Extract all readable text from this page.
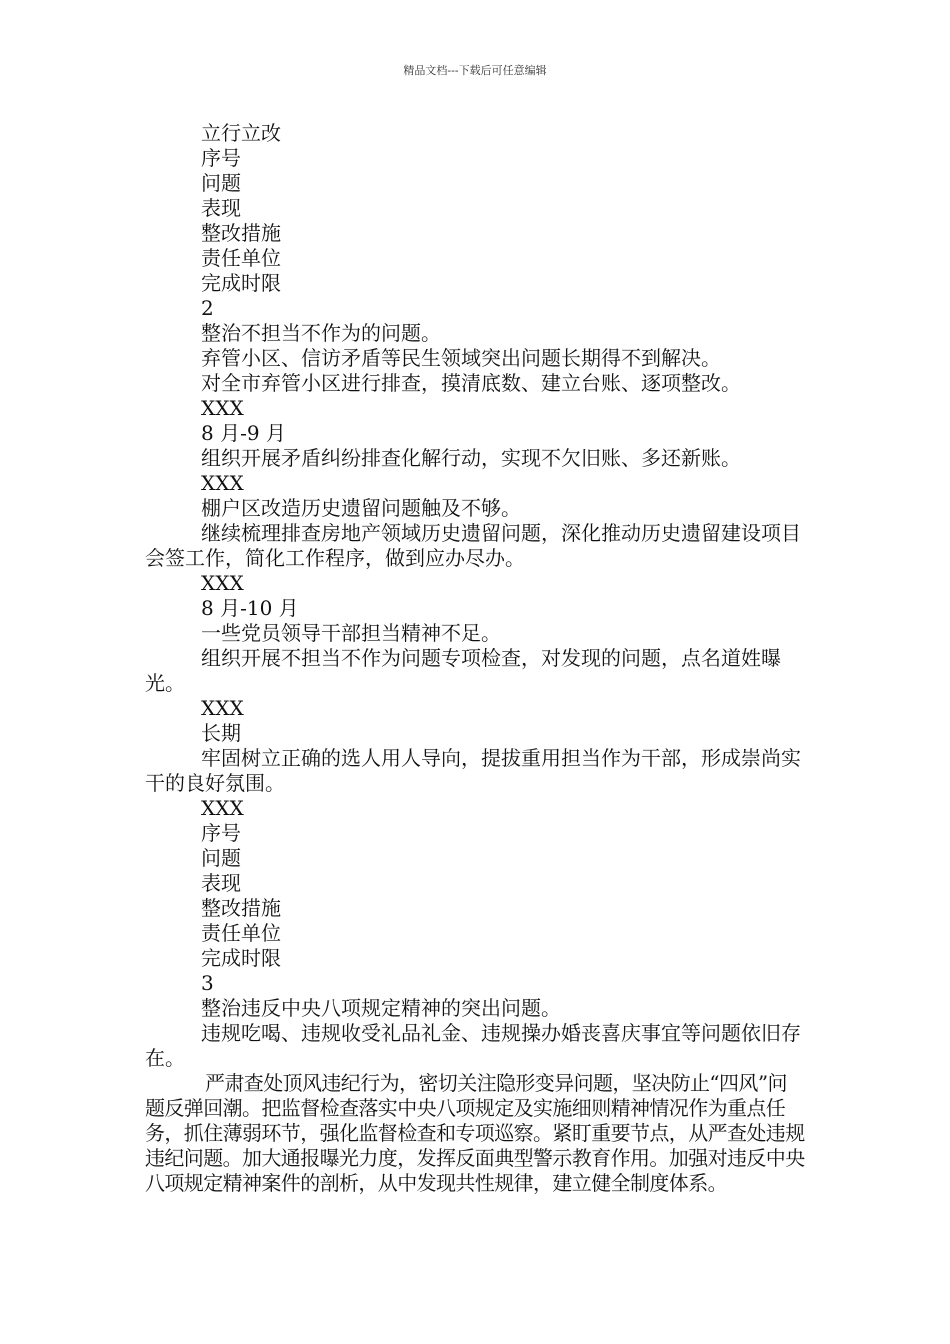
精品文档---下载后可任意编辑

立行立改

序号

问题

表现

整改措施

责任单位

完成时限

2

整治不担当不作为的问题。

弃管小区、信访矛盾等民生领域突出问题长期得不到解决。

对全市弃管小区进行排查，摸清底数、建立台账、逐项整改。

XXX

8 月-9 月

组织开展矛盾纠纷排查化解行动，实现不欠旧账、多还新账。

XXX

棚户区改造历史遗留问题触及不够。

继续梳理排查房地产领域历史遗留问题，深化推动历史遗留建设项目会签工作，简化工作程序，做到应办尽办。

XXX

8 月-10 月

一些党员领导干部担当精神不足。

组织开展不担当不作为问题专项检查，对发现的问题，点名道姓曝光。

XXX

长期

牢固树立正确的选人用人导向，提拔重用担当作为干部，形成崇尚实干的良好氛围。

XXX

序号

问题

表现

整改措施

责任单位

完成时限

3

整治违反中央八项规定精神的突出问题。

违规吃喝、违规收受礼品礼金、违规操办婚丧喜庆事宜等问题依旧存在。

严肃查处顶风违纪行为，密切关注隐形变异问题，坚决防止“四风”问题反弹回潮。把监督检查落实中央八项规定及实施细则精神情况作为重点任务，抓住薄弱环节，强化监督检查和专项巡察。紧盯重要节点，从严查处违规违纪问题。加大通报曝光力度，发挥反面典型警示教育作用。加强对违反中央八项规定精神案件的剖析，从中发现共性规律，建立健全制度体系。
